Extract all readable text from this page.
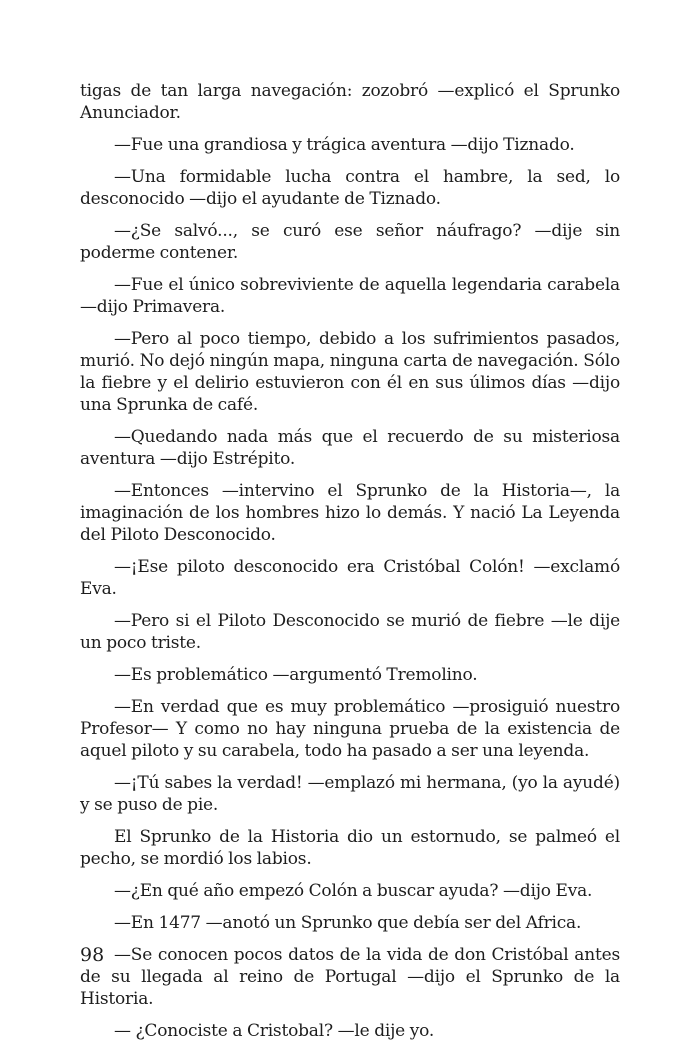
tigas de tan larga navegación: zozobró —explicó el Sprunko Anunciador.

—Fue una grandiosa y trágica aventura —dijo Tiznado.

—Una formidable lucha contra el hambre, la sed, lo desconocido —dijo el ayudante de Tiznado.

—¿Se salvó..., se curó ese señor náufrago? —dije sin poderme contener.

—Fue el único sobreviviente de aquella legendaria carabela —dijo Primavera.

—Pero al poco tiempo, debido a los sufrimientos pasados, murió. No dejó ningún mapa, ninguna carta de navegación. Sólo la fiebre y el delirio estuvieron con él en sus úlimos días —dijo una Sprunka de café.

—Quedando nada más que el recuerdo de su misteriosa aventura —dijo Estrépito.

—Entonces —intervino el Sprunko de la Historia—, la imaginación de los hombres hizo lo demás. Y nació La Leyenda del Piloto Desconocido.

—¡Ese piloto desconocido era Cristóbal Colón! —exclamó Eva.

—Pero si el Piloto Desconocido se murió de fiebre —le dije un poco triste.

—Es problemático —argumentó Tremolino.

—En verdad que es muy problemático —prosiguió nuestro Profesor— Y como no hay ninguna prueba de la existencia de aquel piloto y su carabela, todo ha pasado a ser una leyenda.

—¡Tú sabes la verdad! —emplazó mi hermana, (yo la ayudé) y se puso de pie.

El Sprunko de la Historia dio un estornudo, se palmeó el pecho, se mordió los labios.

—¿En qué año empezó Colón a buscar ayuda? —dijo Eva.

—En 1477 —anotó un Sprunko que debía ser del Africa.

—Se conocen pocos datos de la vida de don Cristóbal antes de su llegada al reino de Portugal —dijo el Sprunko de la Historia.

— ¿Conociste a Cristobal? —le dije yo.

98
